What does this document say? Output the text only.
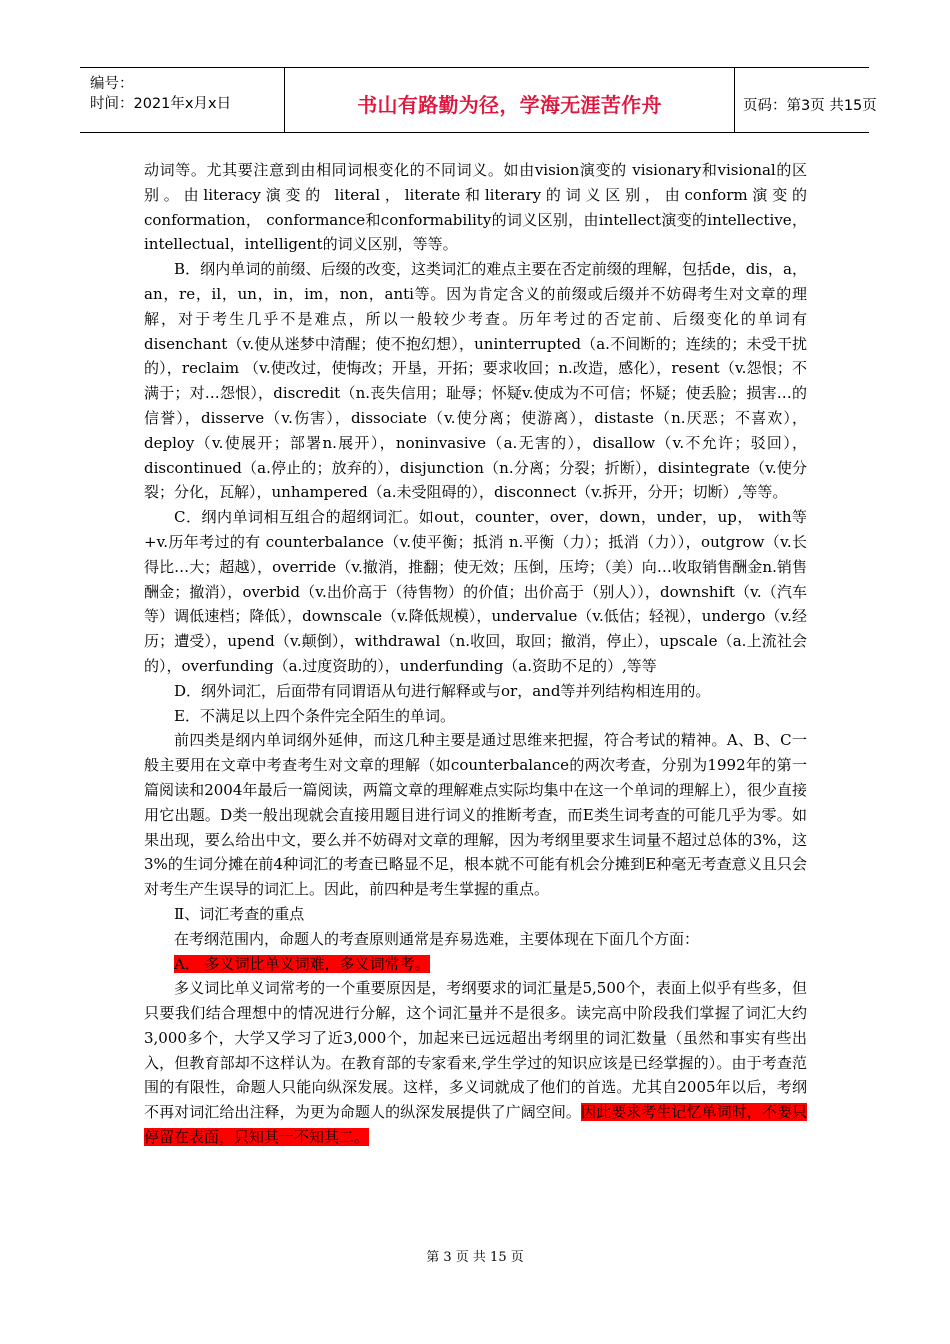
编号：
时间：2021年x月x日	书山有路勤为径，学海无涯苦作舟	页码：第3页 共15页

动词等。尤其要注意到由相同词根变化的不同词义。如由vision演变的 visionary和visional的区别。由literacy演变的 literal，literate和literary的词义区别，由conform演变的 conformation， conformance和conformability的词义区别，由intellect演变的intellective，intellectual，intelligent的词义区别，等等。

B．纲内单词的前缀、后缀的改变，这类词汇的难点主要在否定前缀的理解，包括de，dis，a，an，re，il，un，in，im，non，anti等。因为肯定含义的前缀或后缀并不妨碍考生对文章的理解，对于考生几乎不是难点，所以一般较少考查。历年考过的否定前、后缀变化的单词有disenchant（v.使从迷梦中清醒；使不抱幻想），uninterrupted（a.不间断的；连续的；未受干扰的），reclaim （v.使改过，使悔改；开垦，开拓；要求收回；n.改造，感化），resent（v.怨恨；不满于；对…怨恨），discredit（n.丧失信用；耻辱；怀疑v.使成为不可信；怀疑；使丢脸；损害…的信誉），disserve（v.伤害），dissociate（v.使分离；使游离），distaste（n.厌恶；不喜欢），deploy（v.使展开；部署n.展开），noninvasive（a.无害的），disallow（v.不允许；驳回），discontinued（a.停止的；放弃的），disjunction（n.分离；分裂；折断），disintegrate（v.使分裂；分化，瓦解），unhampered（a.未受阻碍的），disconnect（v.拆开，分开；切断）,等等。

C．纲内单词相互组合的超纲词汇。如out，counter，over，down，under，up， with等+v.历年考过的有 counterbalance（v.使平衡；抵消 n.平衡（力）；抵消（力）），outgrow（v.长得比…大；超越），override（v.撤消，推翻；使无效；压倒，压垮；（美）向…收取销售酬金n.销售酬金；撤消），overbid（v.出价高于（待售物）的价值；出价高于（别人）），downshift（v.（汽车等）调低速档；降低），downscale（v.降低规模），undervalue（v.低估；轻视），undergo（v.经历；遭受），upend（v.颠倒），withdrawal（n.收回，取回；撤消，停止），upscale（a.上流社会的），overfunding（a.过度资助的），underfunding（a.资助不足的）,等等

D．纲外词汇，后面带有同谓语从句进行解释或与or，and等并列结构相连用的。

E．不满足以上四个条件完全陌生的单词。

前四类是纲内单词纲外延伸，而这几种主要是通过思维来把握，符合考试的精神。A、B、C一般主要用在文章中考查考生对文章的理解（如counterbalance的两次考查，分别为1992年的第一篇阅读和2004年最后一篇阅读，两篇文章的理解难点实际均集中在这一个单词的理解上），很少直接用它出题。D类一般出现就会直接用题目进行词义的推断考查，而E类生词考查的可能几乎为零。如果出现，要么给出中文，要么并不妨碍对文章的理解，因为考纲里要求生词量不超过总体的3%，这3%的生词分摊在前4种词汇的考查已略显不足，根本就不可能有机会分摊到E种毫无考查意义且只会对考生产生误导的词汇上。因此，前四种是考生掌握的重点。

Ⅱ、词汇考查的重点

在考纲范围内，命题人的考查原则通常是弃易选难，主要体现在下面几个方面：

A． 多义词比单义词难，多义词常考。

多义词比单义词常考的一个重要原因是，考纲要求的词汇量是5,500个，表面上似乎有些多，但只要我们结合理想中的情况进行分解，这个词汇量并不是很多。读完高中阶段我们掌握了词汇大约3,000多个，大学又学习了近3,000个，加起来已远远超出考纲里的词汇数量（虽然和事实有些出入，但教育部却不这样认为。在教育部的专家看来,学生学过的知识应该是已经掌握的）。由于考查范围的有限性，命题人只能向纵深发展。这样，多义词就成了他们的首选。尤其自2005年以后，考纲不再对词汇给出注释，为更为命题人的纵深发展提供了广阔空间。因此要求考生记忆单词时，不要只停留在表面，只知其一不知其二。

第 3 页 共 15 页
